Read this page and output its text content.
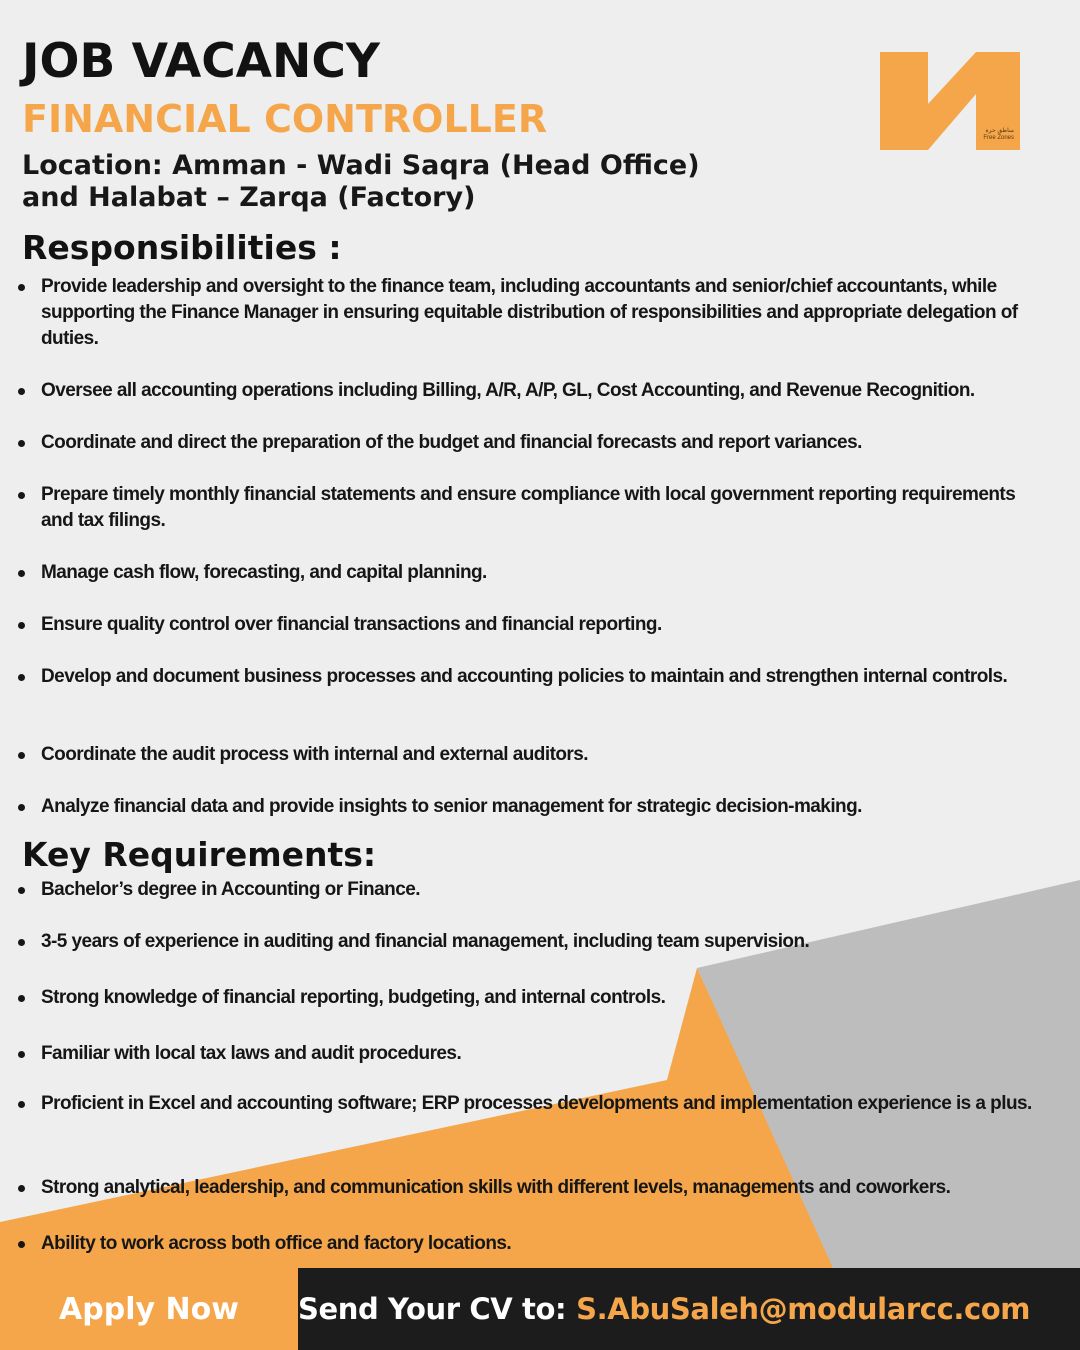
JOB VACANCY
FINANCIAL CONTROLLER
Location: Amman - Wadi Saqra (Head Office)
and Halabat – Zarqa (Factory)
مناطق حرة
Free Zones
Responsibilities :
Provide leadership and oversight to the finance team, including accountants and senior/chief accountants, while supporting the Finance Manager in ensuring equitable distribution of responsibilities and appropriate delegation of duties.
Oversee all accounting operations including Billing, A/R, A/P, GL, Cost Accounting, and Revenue Recognition.
Coordinate and direct the preparation of the budget and financial forecasts and report variances.
Prepare timely monthly financial statements and ensure compliance with local government reporting requirements and tax filings.
Manage cash flow, forecasting, and capital planning.
Ensure quality control over financial transactions and financial reporting.
Develop and document business processes and accounting policies to maintain and strengthen internal controls.
Coordinate the audit process with internal and external auditors.
Analyze financial data and provide insights to senior management for strategic decision-making.
Key Requirements:
Bachelor’s degree in Accounting or Finance.
3-5 years of experience in auditing and financial management, including team supervision.
Strong knowledge of financial reporting, budgeting, and internal controls.
Familiar with local tax laws and audit procedures.
Proficient in Excel and accounting software; ERP processes developments and implementation experience is a plus.
Strong analytical, leadership, and communication skills with different levels, managements and coworkers.
Ability to work across both office and factory locations.
Apply Now	Send Your CV to: S.AbuSaleh@modularcc.com
